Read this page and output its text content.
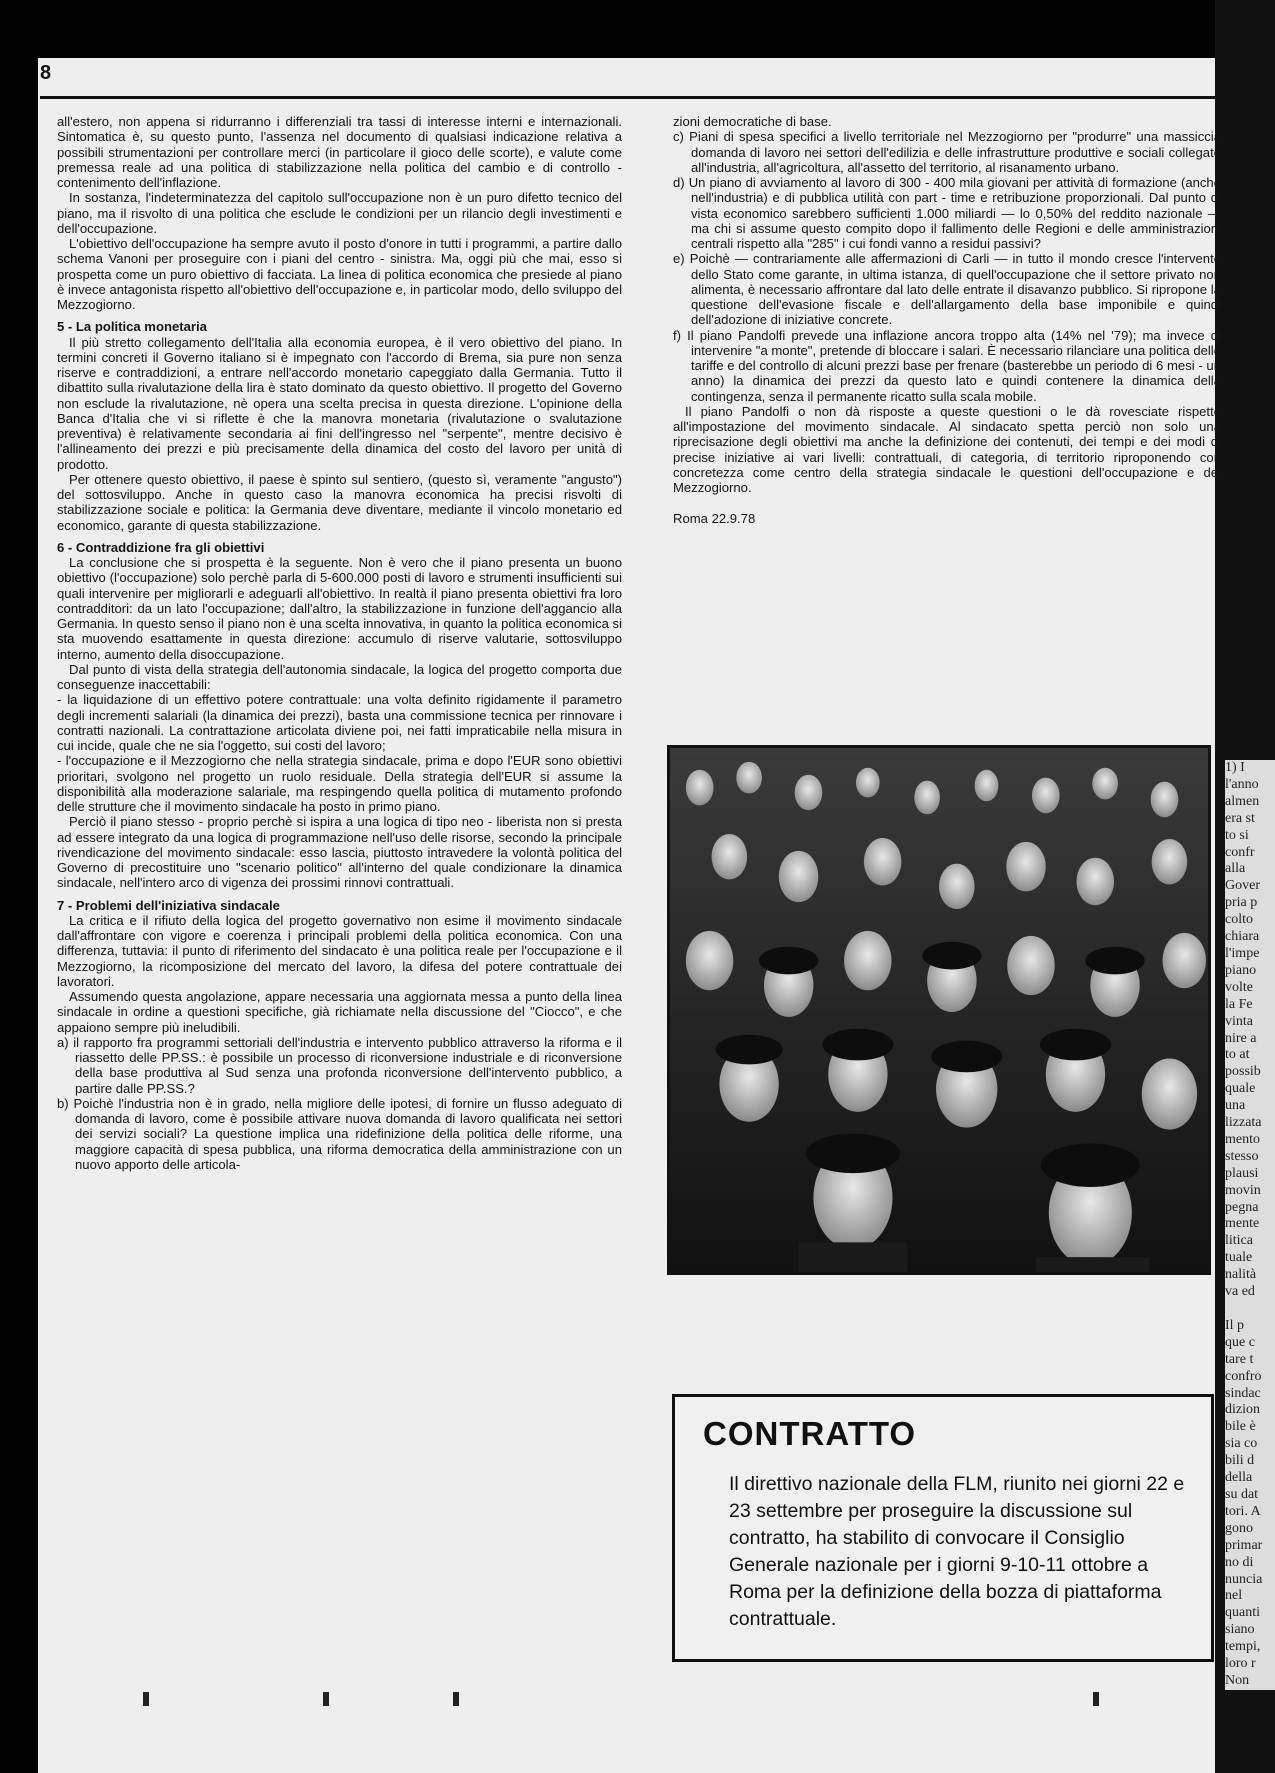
8

all'estero, non appena si ridurranno i differenziali tra tassi di interesse interni e internazionali. Sintomatica è, su questo punto, l'assenza nel documento di qualsiasi indicazione relativa a possibili strumentazioni per controllare merci (in particolare il gioco delle scorte), e valute come premessa reale ad una politica di stabilizzazione nella politica del cambio e di controllo - contenimento dell'inflazione.

In sostanza, l'indeterminatezza del capitolo sull'occupazione non è un puro difetto tecnico del piano, ma il risvolto di una politica che esclude le condizioni per un rilancio degli investimenti e dell'occupazione.

L'obiettivo dell'occupazione ha sempre avuto il posto d'onore in tutti i programmi, a partire dallo schema Vanoni per proseguire con i piani del centro - sinistra. Ma, oggi più che mai, esso si prospetta come un puro obiettivo di facciata. La linea di politica economica che presiede al piano è invece antagonista rispetto all'obiettivo dell'occupazione e, in particolar modo, dello sviluppo del Mezzogiorno.

5 - La politica monetaria

Il più stretto collegamento dell'Italia alla economia europea, è il vero obiettivo del piano. In termini concreti il Governo italiano si è impegnato con l'accordo di Brema, sia pure non senza riserve e contraddizioni, a entrare nell'accordo monetario capeggiato dalla Germania. Tutto il dibattito sulla rivalutazione della lira è stato dominato da questo obiettivo. Il progetto del Governo non esclude la rivalutazione, nè opera una scelta precisa in questa direzione. L'opinione della Banca d'Italia che vi si riflette è che la manovra monetaria (rivalutazione o svalutazione preventiva) è relativamente secondaria ai fini dell'ingresso nel "serpente", mentre decisivo è l'allineamento dei prezzi e più precisamente della dinamica del costo del lavoro per unità di prodotto.

Per ottenere questo obiettivo, il paese è spinto sul sentiero, (questo sì, veramente "angusto") del sottosviluppo. Anche in questo caso la manovra economica ha precisi risvolti di stabilizzazione sociale e politica: la Germania deve diventare, mediante il vincolo monetario ed economico, garante di questa stabilizzazione.

6 - Contraddizione fra gli obiettivi

La conclusione che si prospetta è la seguente. Non è vero che il piano presenta un buono obiettivo (l'occupazione) solo perchè parla di 5-600.000 posti di lavoro e strumenti insufficienti sui quali intervenire per migliorarli e adeguarli all'obiettivo. In realtà il piano presenta obiettivi fra loro contradditori: da un lato l'occupazione; dall'altro, la stabilizzazione in funzione dell'aggancio alla Germania. In questo senso il piano non è una scelta innovativa, in quanto la politica economica si sta muovendo esattamente in questa direzione: accumulo di riserve valutarie, sottosviluppo interno, aumento della disoccupazione.

Dal punto di vista della strategia dell'autonomia sindacale, la logica del progetto comporta due conseguenze inaccettabili:

- la liquidazione di un effettivo potere contrattuale: una volta definito rigidamente il parametro degli incrementi salariali (la dinamica dei prezzi), basta una commissione tecnica per rinnovare i contratti nazionali. La contrattazione articolata diviene poi, nei fatti impraticabile nella misura in cui incide, quale che ne sia l'oggetto, sui costi del lavoro;

- l'occupazione e il Mezzogiorno che nella strategia sindacale, prima e dopo l'EUR sono obiettivi prioritari, svolgono nel progetto un ruolo residuale. Della strategia dell'EUR si assume la disponibilità alla moderazione salariale, ma respingendo quella politica di mutamento profondo delle strutture che il movimento sindacale ha posto in primo piano.

Perciò il piano stesso - proprio perchè si ispira a una logica di tipo neo - liberista non si presta ad essere integrato da una logica di programmazione nell'uso delle risorse, secondo la principale rivendicazione del movimento sindacale: esso lascia, piuttosto intravedere la volontà politica del Governo di precostituire uno "scenario politico" all'interno del quale condizionare la dinamica sindacale, nell'intero arco di vigenza dei prossimi rinnovi contrattuali.

7 - Problemi dell'iniziativa sindacale

La critica e il rifiuto della logica del progetto governativo non esime il movimento sindacale dall'affrontare con vigore e coerenza i principali problemi della politica economica. Con una differenza, tuttavia: il punto di riferimento del sindacato è una politica reale per l'occupazione e il Mezzogiorno, la ricomposizione del mercato del lavoro, la difesa del potere contrattuale dei lavoratori.

Assumendo questa angolazione, appare necessaria una aggiornata messa a punto della linea sindacale in ordine a questioni specifiche, già richiamate nella discussione del "Ciocco", e che appaiono sempre più ineludibili.

a) il rapporto fra programmi settoriali dell'industria e intervento pubblico attraverso la riforma e il riassetto delle PP.SS.: è possibile un processo di riconversione industriale e di riconversione della base produttiva al Sud senza una profonda riconversione dell'intervento pubblico, a partire dalle PP.SS.?

b) Poichè l'industria non è in grado, nella migliore delle ipotesi, di fornire un flusso adeguato di domanda di lavoro, come è possibile attivare nuova domanda di lavoro qualificata nei settori dei servizi sociali? La questione implica una ridefinizione della politica delle riforme, una maggiore capacità di spesa pubblica, una riforma democratica della amministrazione con un nuovo apporto delle articola-

zioni democratiche di base.

c) Piani di spesa specifici a livello territoriale nel Mezzogiorno per "produrre" una massiccia domanda di lavoro nei settori dell'edilizia e delle infrastrutture produttive e sociali collegate all'industria, all'agricoltura, all'assetto del territorio, al risanamento urbano.

d) Un piano di avviamento al lavoro di 300 - 400 mila giovani per attività di formazione (anche nell'industria) e di pubblica utilità con part - time e retribuzione proporzionali. Dal punto di vista economico sarebbero sufficienti 1.000 miliardi — lo 0,50% del reddito nazionale — ma chi si assume questo compito dopo il fallimento delle Regioni e delle amministrazioni centrali rispetto alla "285" i cui fondi vanno a residui passivi?

e) Poichè — contrariamente alle affermazioni di Carli — in tutto il mondo cresce l'intervento dello Stato come garante, in ultima istanza, di quell'occupazione che il settore privato non alimenta, è necessario affrontare dal lato delle entrate il disavanzo pubblico. Si ripropone la questione dell'evasione fiscale e dell'allargamento della base imponibile e quindi dell'adozione di iniziative concrete.

f) Il piano Pandolfi prevede una inflazione ancora troppo alta (14% nel '79); ma invece di intervenire "a monte", pretende di bloccare i salari. È necessario rilanciare una politica delle tariffe e del controllo di alcuni prezzi base per frenare (basterebbe un periodo di 6 mesi - un anno) la dinamica dei prezzi da questo lato e quindi contenere la dinamica della contingenza, senza il permanente ricatto sulla scala mobile.

Il piano Pandolfi o non dà risposte a queste questioni o le dà rovesciate rispetto all'impostazione del movimento sindacale. Al sindacato spetta perciò non solo una riprecisazione degli obiettivi ma anche la definizione dei contenuti, dei tempi e dei modi di precise iniziative ai vari livelli: contrattuali, di categoria, di territorio riproponendo con concretezza come centro della strategia sindacale le questioni dell'occupazione e del Mezzogiorno.

Roma 22.9.78

CONTRATTO
Il direttivo nazionale della FLM, riunito nei giorni 22 e 23 settembre per proseguire la discussione sul contratto, ha stabilito di convocare il Consiglio Generale nazionale per i giorni 9-10-11 ottobre a Roma per la definizione della bozza di piattaforma contrattuale.
1) I
l'anno
almen
era st
to si
confr
alla
Gover
pria p
colto
chiara
l'impe
piano
volte
la Fe
vinta
nire a
to at
possib
quale
una
lizzata
mento
stesso
plausi
movin
pegna
mente
litica
tuale
nalità
va ed

Il p
que c
tare t
confro
sindac
dizion
bile è
sia co
bili d
della
su dat
tori. A
gono
primar
no di
nuncia
nel
quanti
siano
tempi,
loro r
Non
